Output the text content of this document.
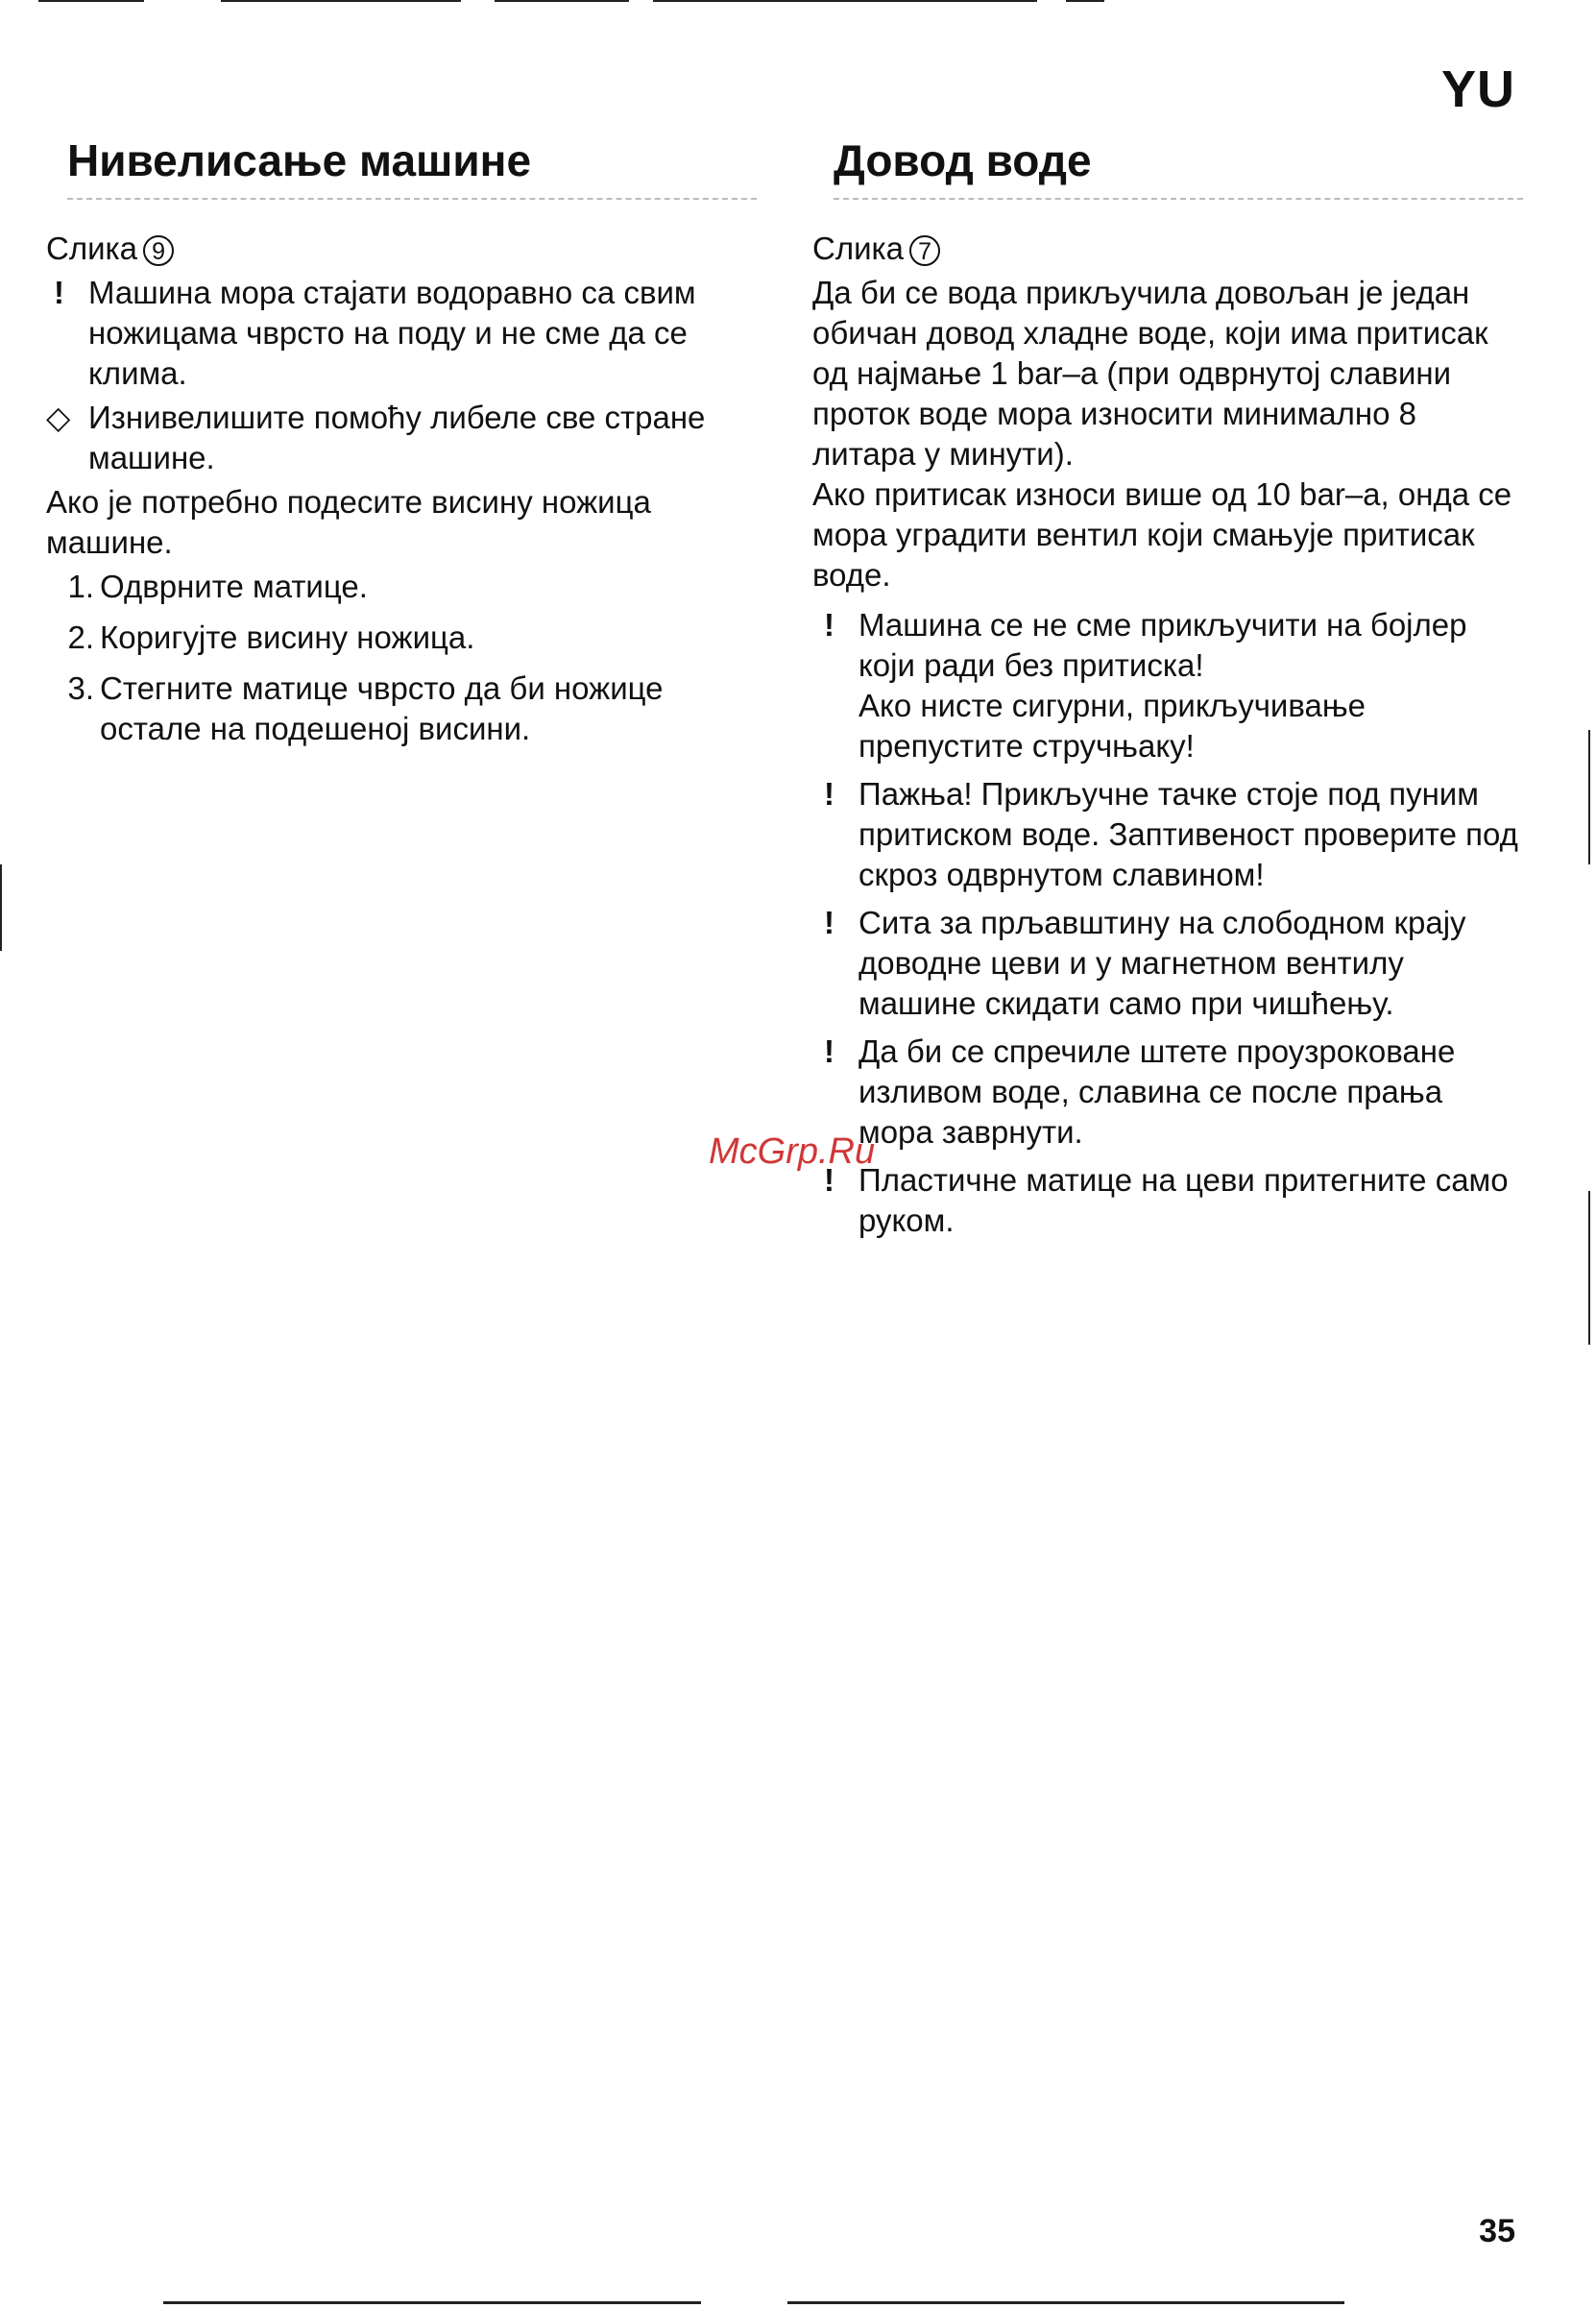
YU
Нивелисање машине

Слика 9

! Машина мора стајати водоравно са свим ножицама чврсто на поду и не сме да се клима.
◇ Изнивелишите помоћу либеле све стране машине.

Ако је потребно подесите висину ножица машине.

1. Одврните матице.
2. Коригујте висину ножица.
3. Стегните матице чврсто да би ножице остале на подешеној висини.
Довод воде

Слика 7

Да би се вода прикључила довољан је један обичан довод хладне воде, који има притисак од најмање 1 bar–a (при одврнутој славини проток воде мора износити минимално 8 литара у минути).

Ако притисак износи више од 10 bar–a, онда се мора уградити вентил који смањује притисак воде.

! Машина се не сме прикључити на бојлер који ради без притиска!
Ако нисте сигурни, прикључивање препустите стручњаку!
! Пажња! Прикључне тачке стоје под пуним притиском воде. Заптивеност проверите под скроз одврнутом славином!
! Сита за прљавштину на слободном крају доводне цеви и у магнетном вентилу машине скидати само при чишћењу.
! Да би се спречиле штете проузроковане изливом воде, славина се после прања мора заврнути.
! Пластичне матице на цеви притегните само руком.
McGrp.Ru
35
